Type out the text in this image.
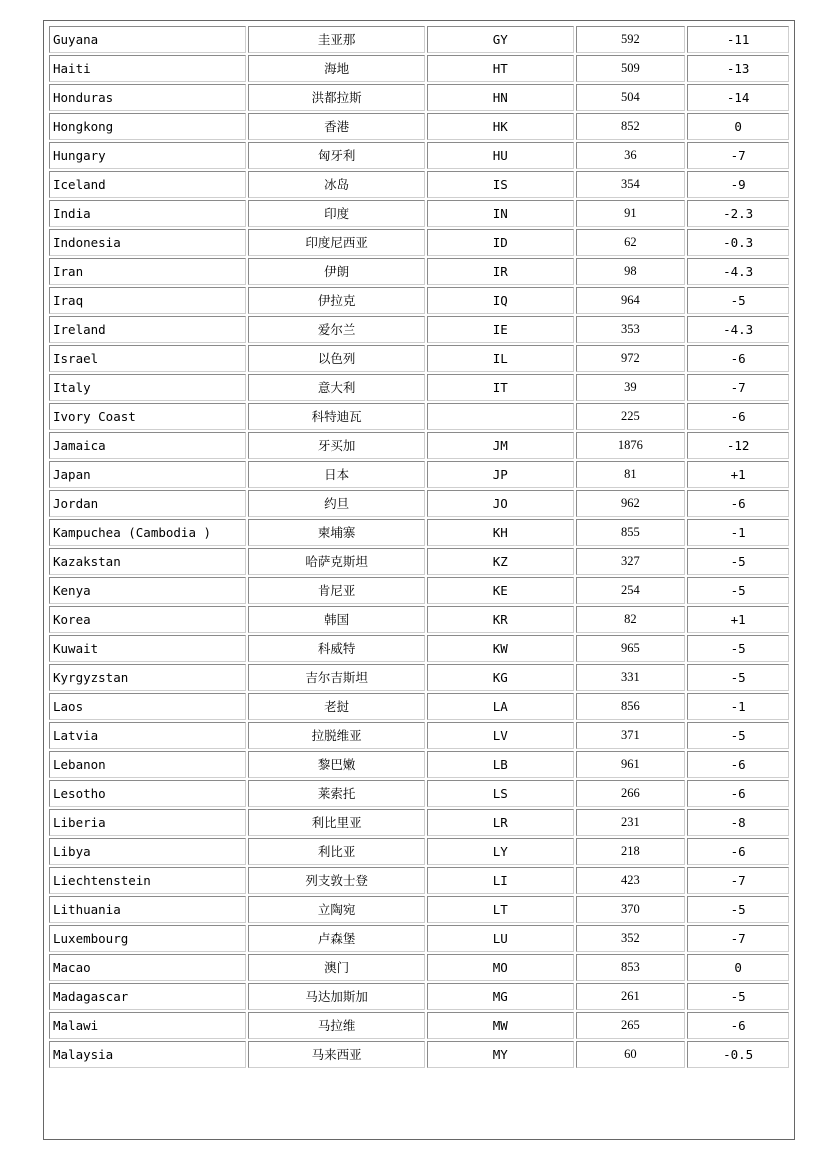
Guyana	圭亚那	GY	592	-11
Haiti	海地	HT	509	-13
Honduras	洪都拉斯	HN	504	-14
Hongkong	香港	HK	852	0
Hungary	匈牙利	HU	36	-7
Iceland	冰岛	IS	354	-9
India	印度	IN	91	-2.3
Indonesia	印度尼西亚	ID	62	-0.3
Iran	伊朗	IR	98	-4.3
Iraq	伊拉克	IQ	964	-5
Ireland	爱尔兰	IE	353	-4.3
Israel	以色列	IL	972	-6
Italy	意大利	IT	39	-7
Ivory Coast	科特迪瓦		225	-6
Jamaica	牙买加	JM	1876	-12
Japan	日本	JP	81	+1
Jordan	约旦	JO	962	-6
Kampuchea (Cambodia )	柬埔寨	KH	855	-1
Kazakstan	哈萨克斯坦	KZ	327	-5
Kenya	肯尼亚	KE	254	-5
Korea	韩国	KR	82	+1
Kuwait	科威特	KW	965	-5
Kyrgyzstan	吉尔吉斯坦	KG	331	-5
Laos	老挝	LA	856	-1
Latvia	拉脱维亚	LV	371	-5
Lebanon	黎巴嫩	LB	961	-6
Lesotho	莱索托	LS	266	-6
Liberia	利比里亚	LR	231	-8
Libya	利比亚	LY	218	-6
Liechtenstein	列支敦士登	LI	423	-7
Lithuania	立陶宛	LT	370	-5
Luxembourg	卢森堡	LU	352	-7
Macao	澳门	MO	853	0
Madagascar	马达加斯加	MG	261	-5
Malawi	马拉维	MW	265	-6
Malaysia	马来西亚	MY	60	-0.5
